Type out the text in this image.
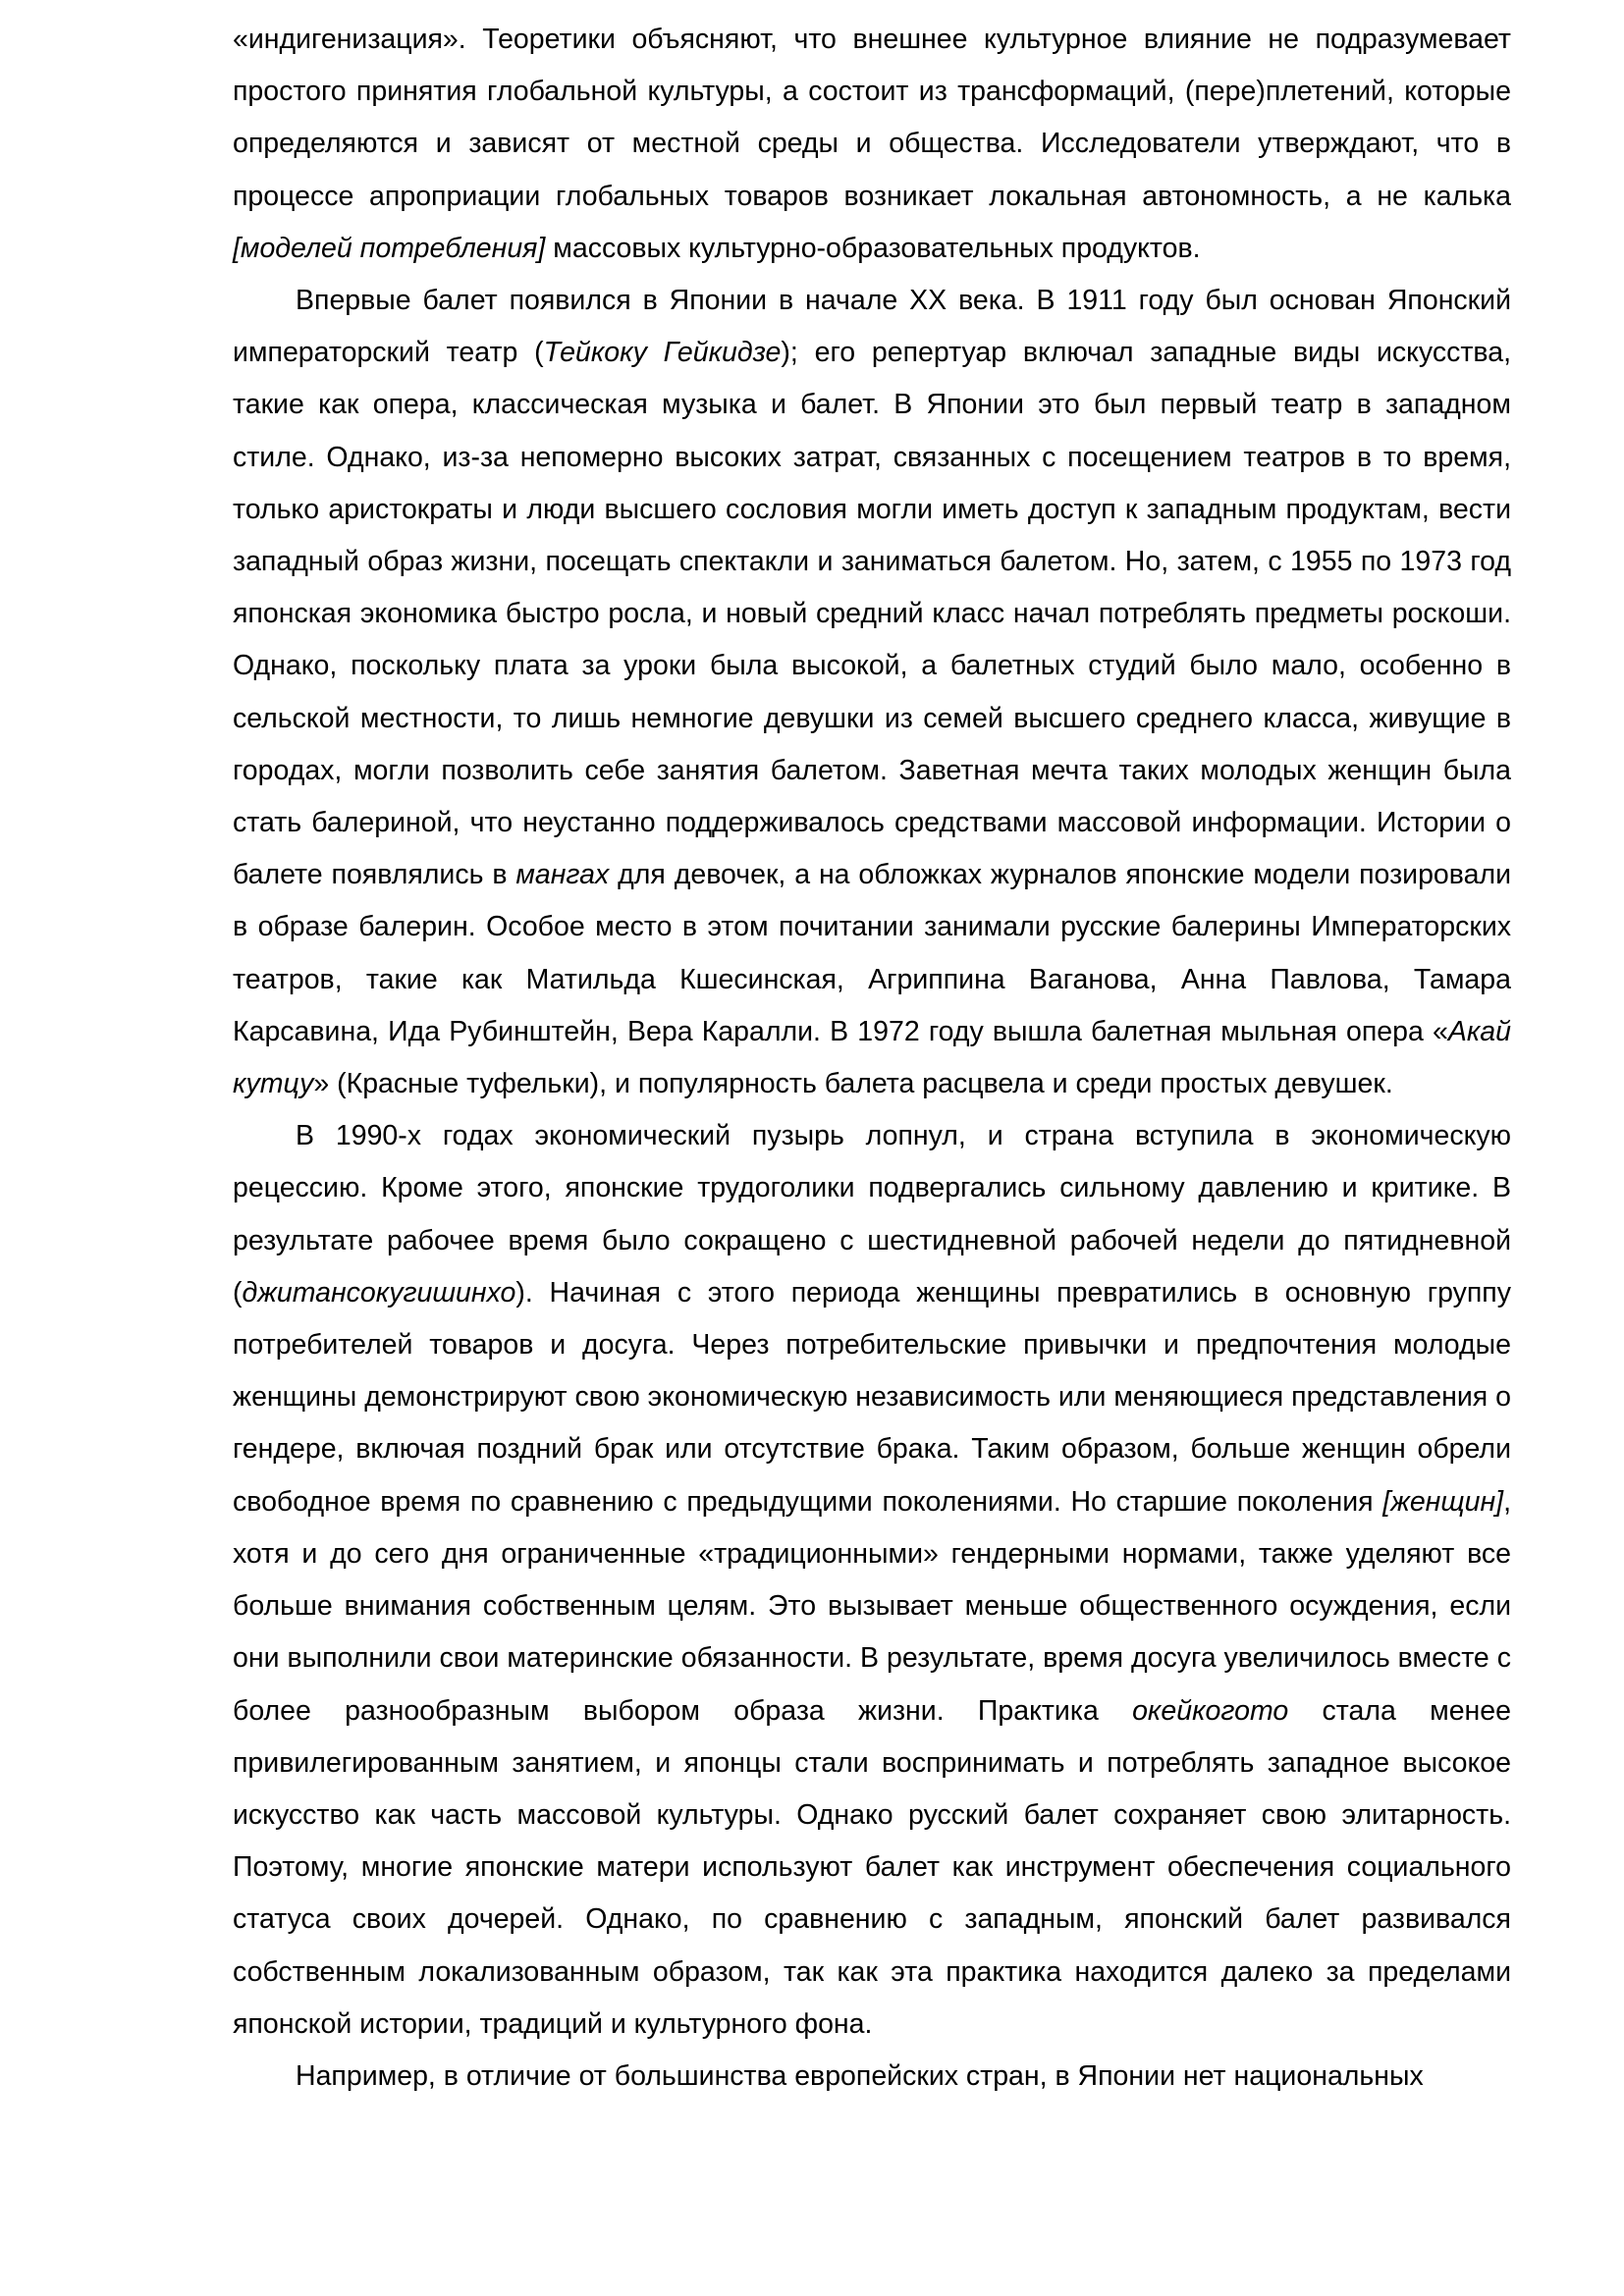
«индигенизация». Теоретики объясняют, что внешнее культурное влияние не подразумевает простого принятия глобальной культуры, а состоит из трансформаций, (пере)плетений, которые определяются и зависят от местной среды и общества. Исследователи утверждают, что в процессе апроприации глобальных товаров возникает локальная автономность, а не калька [моделей потребления] массовых культурно-образовательных продуктов.

Впервые балет появился в Японии в начале XX века. В 1911 году был основан Японский императорский театр (Тейкоку Гейкидзе); его репертуар включал западные виды искусства, такие как опера, классическая музыка и балет. В Японии это был первый театр в западном стиле. Однако, из-за непомерно высоких затрат, связанных с посещением театров в то время, только аристократы и люди высшего сословия могли иметь доступ к западным продуктам, вести западный образ жизни, посещать спектакли и заниматься балетом. Но, затем, с 1955 по 1973 год японская экономика быстро росла, и новый средний класс начал потреблять предметы роскоши. Однако, поскольку плата за уроки была высокой, а балетных студий было мало, особенно в сельской местности, то лишь немногие девушки из семей высшего среднего класса, живущие в городах, могли позволить себе занятия балетом. Заветная мечта таких молодых женщин была стать балериной, что неустанно поддерживалось средствами массовой информации. Истории о балете появлялись в мангах для девочек, а на обложках журналов японские модели позировали в образе балерин. Особое место в этом почитании занимали русские балерины Императорских театров, такие как Матильда Кшесинская, Агриппина Ваганова, Анна Павлова, Тамара Карсавина, Ида Рубинштейн, Вера Каралли. В 1972 году вышла балетная мыльная опера «Акай кутцу» (Красные туфельки), и популярность балета расцвела и среди простых девушек.

В 1990-х годах экономический пузырь лопнул, и страна вступила в экономическую рецессию. Кроме этого, японские трудоголики подвергались сильному давлению и критике. В результате рабочее время было сокращено с шестидневной рабочей недели до пятидневной (джитансокугишинхо). Начиная с этого периода женщины превратились в основную группу потребителей товаров и досуга. Через потребительские привычки и предпочтения молодые женщины демонстрируют свою экономическую независимость или меняющиеся представления о гендере, включая поздний брак или отсутствие брака. Таким образом, больше женщин обрели свободное время по сравнению с предыдущими поколениями. Но старшие поколения [женщин], хотя и до сего дня ограниченные «традиционными» гендерными нормами, также уделяют все больше внимания собственным целям. Это вызывает меньше общественного осуждения, если они выполнили свои материнские обязанности. В результате, время досуга увеличилось вместе с более разнообразным выбором образа жизни. Практика окейкогото стала менее привилегированным занятием, и японцы стали воспринимать и потреблять западное высокое искусство как часть массовой культуры. Однако русский балет сохраняет свою элитарность. Поэтому, многие японские матери используют балет как инструмент обеспечения социального статуса своих дочерей. Однако, по сравнению с западным, японский балет развивался собственным локализованным образом, так как эта практика находится далеко за пределами японской истории, традиций и культурного фона.

Например, в отличие от большинства европейских стран, в Японии нет национальных
